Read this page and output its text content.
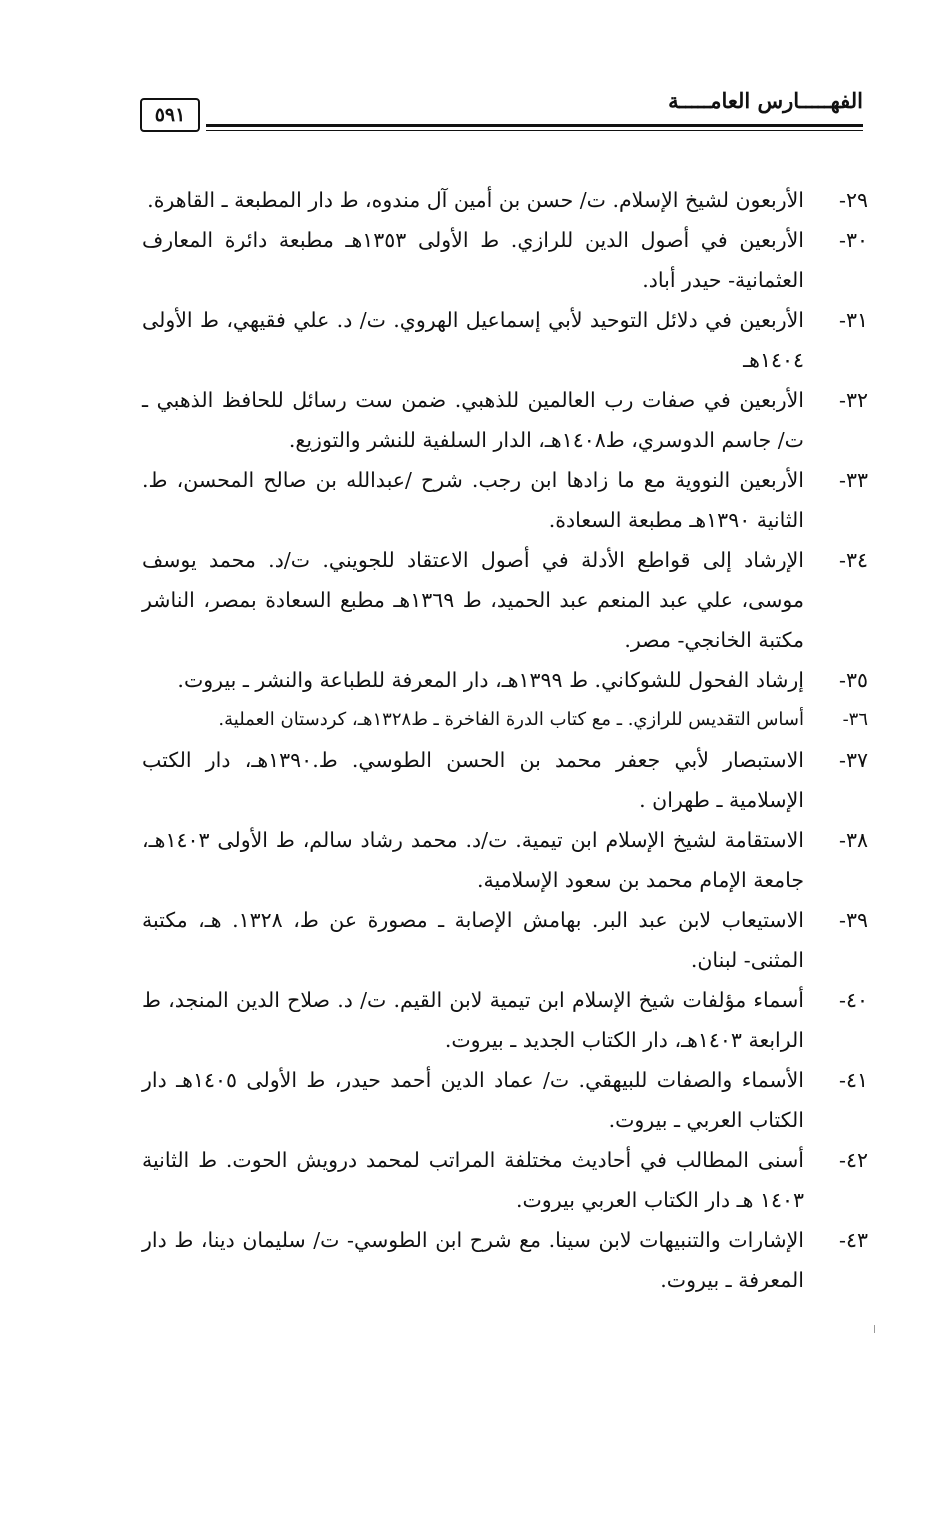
الفهـــــارس العامـــــة
٥٩١
٢٩-
الأربعون لشيخ الإسلام. ت/ حسن بن أمين آل مندوه، ط دار المطبعة ـ القاهرة.
٣٠-
الأربعين في أصول الدين للرازي. ط الأولى ١٣٥٣هـ مطبعة دائرة المعارف العثمانية- حيدر أباد.
٣١-
الأربعين في دلائل التوحيد لأبي إسماعيل الهروي. ت/ د. علي فقيهي، ط الأولى ١٤٠٤هـ
٣٢-
الأربعين في صفات رب العالمين للذهبي. ضمن ست رسائل للحافظ الذهبي ـ ت/ جاسم الدوسري، ط١٤٠٨هـ، الدار السلفية للنشر والتوزيع.
٣٣-
الأربعين النووية مع ما زادها ابن رجب. شرح /عبدالله بن صالح المحسن، ط. الثانية ١٣٩٠هـ مطبعة السعادة.
٣٤-
الإرشاد إلى قواطع الأدلة في أصول الاعتقاد للجويني. ت/د. محمد يوسف موسى، علي عبد المنعم عبد الحميد، ط ١٣٦٩هـ مطبع السعادة بمصر، الناشر مكتبة الخانجي- مصر.
٣٥-
إرشاد الفحول للشوكاني. ط ١٣٩٩هـ، دار المعرفة للطباعة والنشر ـ بيروت.
٣٦-
أساس التقديس للرازي. ـ مع كتاب الدرة الفاخرة ـ ط١٣٢٨هـ، كردستان العملية.
٣٧-
الاستبصار لأبي جعفر محمد بن الحسن الطوسي. ط.١٣٩٠هـ، دار الكتب الإسلامية ـ طهران .
٣٨-
الاستقامة لشيخ الإسلام ابن تيمية. ت/د. محمد رشاد سالم، ط الأولى ١٤٠٣هـ، جامعة الإمام محمد بن سعود الإسلامية.
٣٩-
الاستيعاب لابن عبد البر. بهامش الإصابة ـ مصورة عن ط، ١٣٢٨. هـ، مكتبة المثنى- لبنان.
٤٠-
أسماء مؤلفات شيخ الإسلام ابن تيمية لابن القيم. ت/ د. صلاح الدين المنجد، ط الرابعة ١٤٠٣هـ، دار الكتاب الجديد ـ بيروت.
٤١-
الأسماء والصفات للبيهقي. ت/ عماد الدين أحمد حيدر، ط الأولى ١٤٠٥هـ دار الكتاب العربي ـ بيروت.
٤٢-
أسنى المطالب في أحاديث مختلفة المراتب لمحمد درويش الحوت. ط الثانية ١٤٠٣ هـ دار الكتاب العربي بيروت.
٤٣-
الإشارات والتنبيهات لابن سينا. مع شرح ابن الطوسي- ت/ سليمان دينا، ط دار المعرفة ـ بيروت.
